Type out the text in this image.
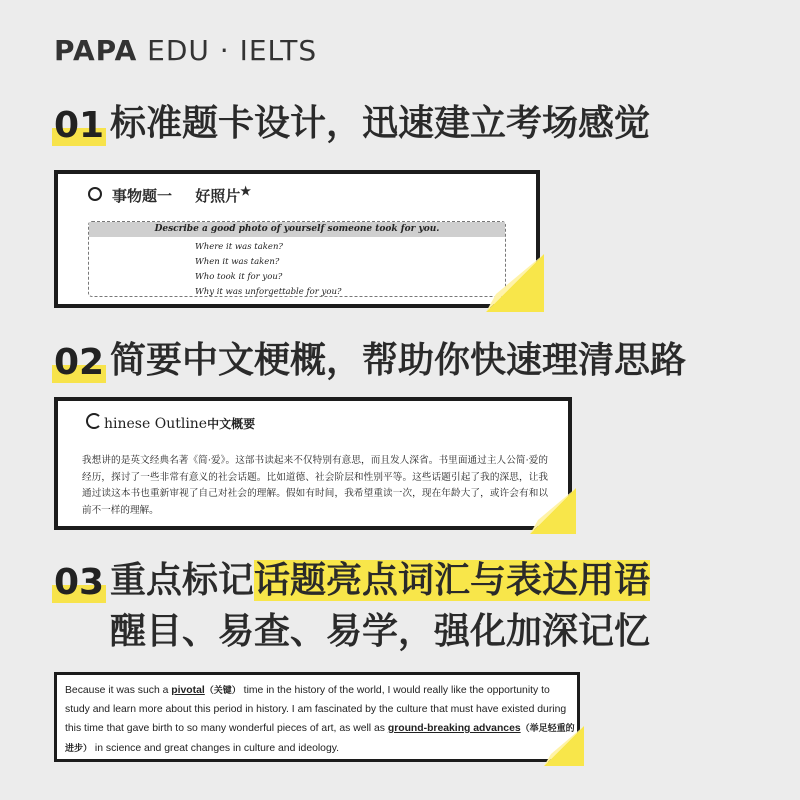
PAPA EDU · IELTS
01 标准题卡设计，迅速建立考场感觉
事物题一 好照片★
Describe a good photo of yourself someone took for you.
Where it was taken?
When it was taken?
Who took it for you?
Why it was unforgettable for you?
02 简要中文梗概，帮助你快速理清思路
hinese Outline中文概要
我想讲的是英文经典名著《简·爱》。这部书读起来不仅特别有意思，而且发人深省。书里面通过主人公简·爱的经历，探讨了一些非常有意义的社会话题。比如道德、社会阶层和性别平等。这些话题引起了我的深思，让我通过读这本书也重新审视了自己对社会的理解。假如有时间，我希望重读一次，现在年龄大了，或许会有和以前不一样的理解。
03 重点标记话题亮点词汇与表达用语
醒目、易查、易学，强化加深记忆
Because it was such a pivotal（关键） time in the history of the world, I would really like the opportunity to study and learn more about this period in history. I am fascinated by the culture that must have existed during this time that gave birth to so many wonderful pieces of art, as well as ground-breaking advances（举足轻重的进步） in science and great changes in culture and ideology.
